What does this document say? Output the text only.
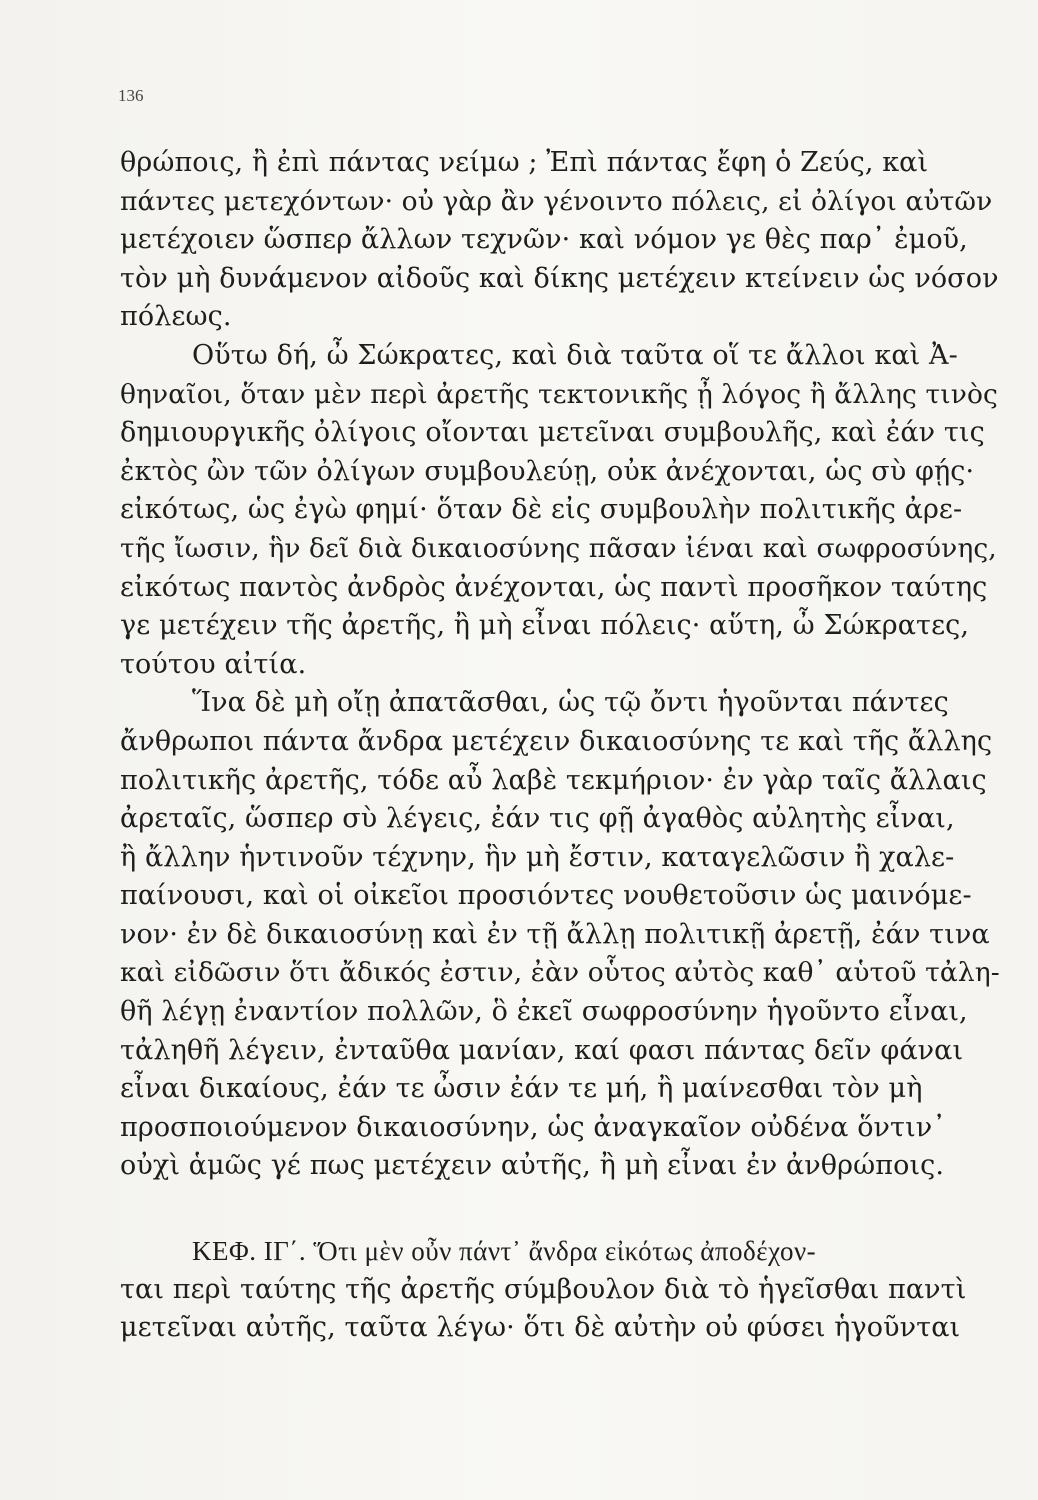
136
θρώποις, ἢ ἐπὶ πάντας νείμω ; Ἐπὶ πάντας ἔφη ὁ Ζεύς, καὶ
πάντες μετεχόντων· οὐ γὰρ ἂν γένοιντο πόλεις, εἰ ὀλίγοι αὐτῶν
μετέχοιεν ὥσπερ ἄλλων τεχνῶν· καὶ νόμον γε θὲς παρ᾽ ἐμοῦ,
τὸν μὴ δυνάμενον αἰδοῦς καὶ δίκης μετέχειν κτείνειν ὡς νόσον
πόλεως.
Οὕτω δή, ὦ Σώκρατες, καὶ διὰ ταῦτα οἵ τε ἄλλοι καὶ Ἀ-
θηναῖοι, ὅταν μὲν περὶ ἀρετῆς τεκτονικῆς ᾖ λόγος ἢ ἄλλης τινὸς
δημιουργικῆς ὀλίγοις οἴονται μετεῖναι συμβουλῆς, καὶ ἐάν τις
ἐκτὸς ὢν τῶν ὀλίγων συμβουλεύῃ, οὐκ ἀνέχονται, ὡς σὺ φῄς·
εἰκότως, ὡς ἐγὼ φημί· ὅταν δὲ εἰς συμβουλὴν πολιτικῆς ἀρε-
τῆς ἴωσιν, ἣν δεῖ διὰ δικαιοσύνης πᾶσαν ἰέναι καὶ σωφροσύνης,
εἰκότως παντὸς ἀνδρὸς ἀνέχονται, ὡς παντὶ προσῆκον ταύτης
γε μετέχειν τῆς ἀρετῆς, ἢ μὴ εἶναι πόλεις· αὕτη, ὦ Σώκρατες,
τούτου αἰτία.
Ἵνα δὲ μὴ οἴῃ ἀπατᾶσθαι, ὡς τῷ ὄντι ἡγοῦνται πάντες
ἄνθρωποι πάντα ἄνδρα μετέχειν δικαιοσύνης τε καὶ τῆς ἄλλης
πολιτικῆς ἀρετῆς, τόδε αὖ λαβὲ τεκμήριον· ἐν γὰρ ταῖς ἄλλαις
ἀρεταῖς, ὥσπερ σὺ λέγεις, ἐάν τις φῇ ἀγαθὸς αὐλητὴς εἶναι,
ἢ ἄλλην ἡντινοῦν τέχνην, ἣν μὴ ἔστιν, καταγελῶσιν ἢ χαλε-
παίνουσι, καὶ οἱ οἰκεῖοι προσιόντες νουθετοῦσιν ὡς μαινόμε-
νον· ἐν δὲ δικαιοσύνῃ καὶ ἐν τῇ ἄλλῃ πολιτικῇ ἀρετῇ, ἐάν τινα
καὶ εἰδῶσιν ὅτι ἄδικός ἐστιν, ἐὰν οὗτος αὐτὸς καθ᾽ αὑτοῦ τἀλη-
θῆ λέγῃ ἐναντίον πολλῶν, ὃ ἐκεῖ σωφροσύνην ἡγοῦντο εἶναι,
τἀληθῆ λέγειν, ἐνταῦθα μανίαν, καί φασι πάντας δεῖν φάναι
εἶναι δικαίους, ἐάν τε ὦσιν ἐάν τε μή, ἢ μαίνεσθαι τὸν μὴ
προσποιούμενον δικαιοσύνην, ὡς ἀναγκαῖον οὐδένα ὅντιν᾽
οὐχὶ ἁμῶς γέ πως μετέχειν αὐτῆς, ἢ μὴ εἶναι ἐν ἀνθρώποις.
ΚΕΦ. ΙΓ΄. Ὅτι μὲν οὖν πάντ᾽ ἄνδρα εἰκότως ἀποδέχον-
ται περὶ ταύτης τῆς ἀρετῆς σύμβουλον διὰ τὸ ἡγεῖσθαι παντὶ
μετεῖναι αὐτῆς, ταῦτα λέγω· ὅτι δὲ αὐτὴν οὐ φύσει ἡγοῦνται
